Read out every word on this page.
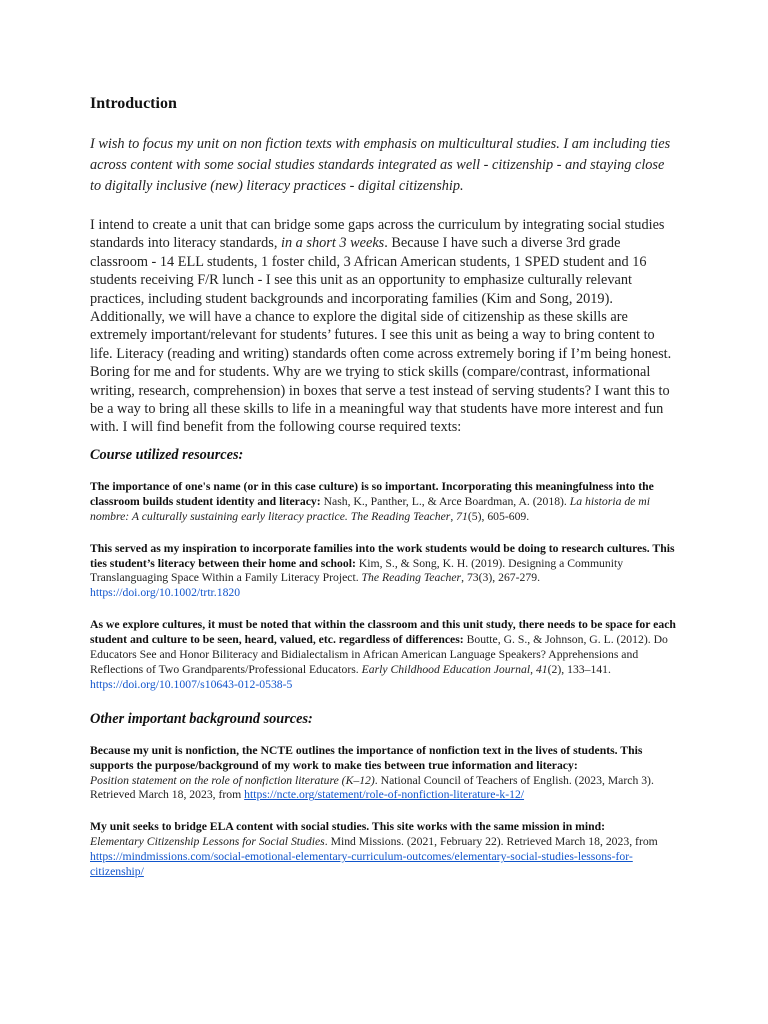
Introduction

I wish to focus my unit on non fiction texts with emphasis on multicultural studies. I am including ties across content with some social studies standards integrated as well - citizenship - and staying close to digitally inclusive (new) literacy practices - digital citizenship.

I intend to create a unit that can bridge some gaps across the curriculum by integrating social studies standards into literacy standards, in a short 3 weeks. Because I have such a diverse 3rd grade classroom - 14 ELL students, 1 foster child, 3 African American students, 1 SPED student and 16 students receiving F/R lunch - I see this unit as an opportunity to emphasize culturally relevant practices, including student backgrounds and incorporating families (Kim and Song, 2019). Additionally, we will have a chance to explore the digital side of citizenship as these skills are extremely important/relevant for students’ futures. I see this unit as being a way to bring content to life. Literacy (reading and writing) standards often come across extremely boring if I’m being honest. Boring for me and for students. Why are we trying to stick skills (compare/contrast, informational writing, research, comprehension) in boxes that serve a test instead of serving students? I want this to be a way to bring all these skills to life in a meaningful way that students have more interest and fun with. I will find benefit from the following course required texts:

Course utilized resources:

The importance of one's name (or in this case culture) is so important. Incorporating this meaningfulness into the classroom builds student identity and literacy: Nash, K., Panther, L., & Arce Boardman, A. (2018). La historia de mi nombre: A culturally sustaining early literacy practice. The Reading Teacher, 71(5), 605-609.

This served as my inspiration to incorporate families into the work students would be doing to research cultures. This ties student’s literacy between their home and school: Kim, S., & Song, K. H. (2019). Designing a Community Translanguaging Space Within a Family Literacy Project. The Reading Teacher, 73(3), 267-279. https://doi.org/10.1002/trtr.1820

As we explore cultures, it must be noted that within the classroom and this unit study, there needs to be space for each student and culture to be seen, heard, valued, etc. regardless of differences: Boutte, G. S., & Johnson, G. L. (2012). Do Educators See and Honor Biliteracy and Bidialectalism in African American Language Speakers? Apprehensions and Reflections of Two Grandparents/Professional Educators. Early Childhood Education Journal, 41(2), 133–141. https://doi.org/10.1007/s10643-012-0538-5

Other important background sources:

Because my unit is nonfiction, the NCTE outlines the importance of nonfiction text in the lives of students. This supports the purpose/background of my work to make ties between true information and literacy:
Position statement on the role of nonfiction literature (K–12). National Council of Teachers of English. (2023, March 3). Retrieved March 18, 2023, from https://ncte.org/statement/role-of-nonfiction-literature-k-12/

My unit seeks to bridge ELA content with social studies. This site works with the same mission in mind:
Elementary Citizenship Lessons for Social Studies. Mind Missions. (2021, February 22). Retrieved March 18, 2023, from
https://mindmissions.com/social-emotional-elementary-curriculum-outcomes/elementary-social-studies-lessons-for-citizenship/
